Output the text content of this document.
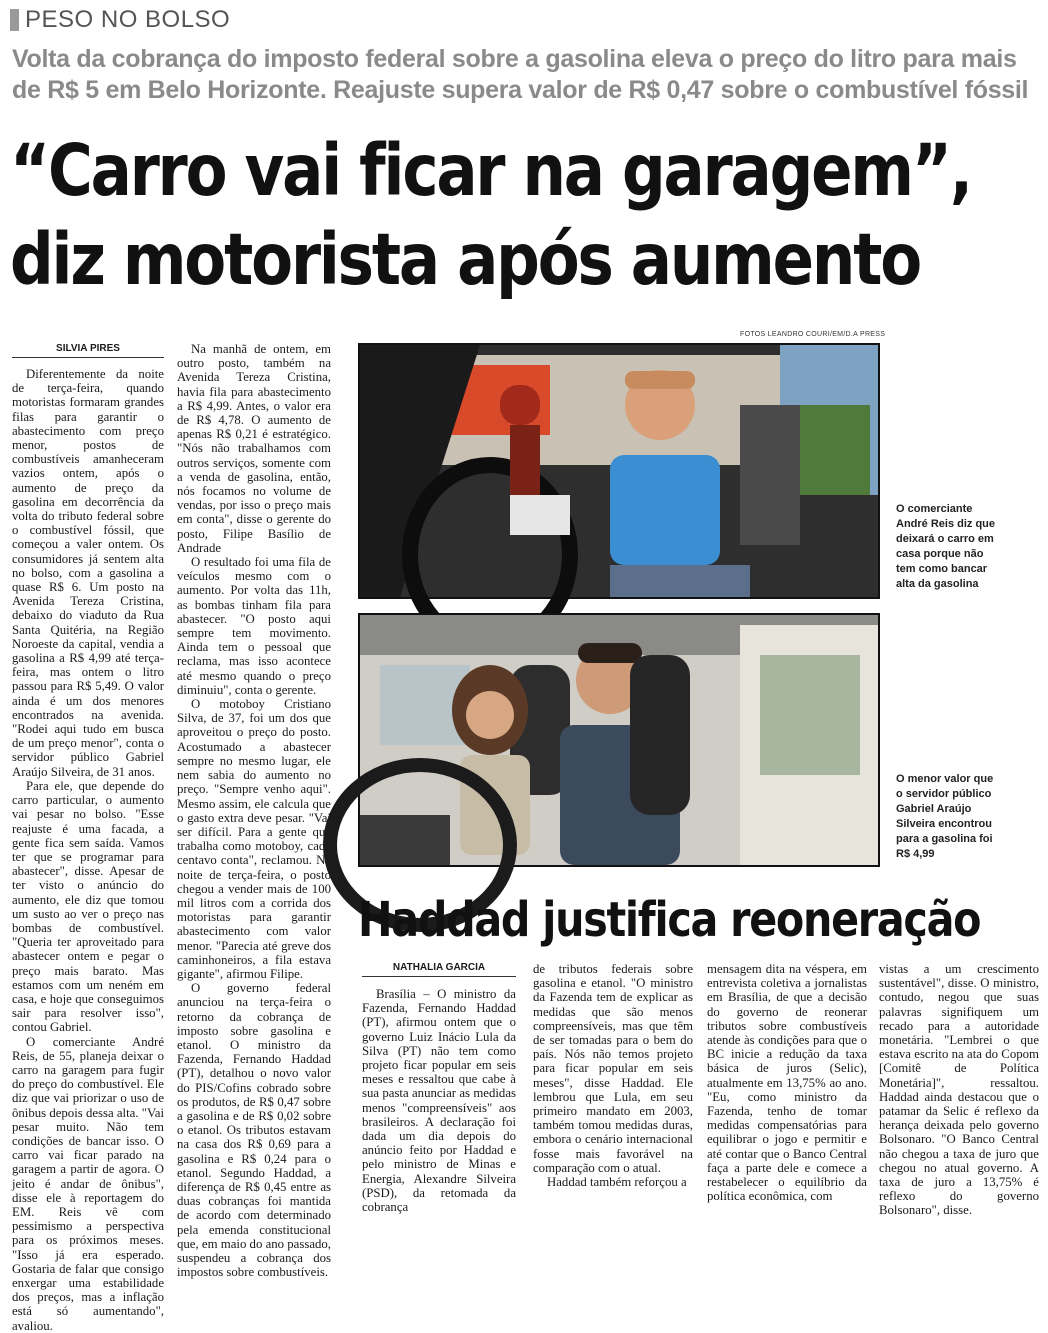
PESO NO BOLSO
Volta da cobrança do imposto federal sobre a gasolina eleva o preço do litro para mais de R$ 5 em Belo Horizonte. Reajuste supera valor de R$ 0,47 sobre o combustível fóssil
“Carro vai ficar na garagem”,
diz motorista após aumento
SILVIA PIRES

Diferentemente da noite de terça-feira, quando motoristas formaram grandes filas para garantir o abastecimento com preço menor, postos de combustíveis amanheceram vazios ontem, após o aumento de preço da gasolina em decorrência da volta do tributo federal sobre o combustível fóssil, que começou a valer ontem. Os consumidores já sentem alta no bolso, com a gasolina a quase R$ 6. Um posto na Avenida Tereza Cristina, debaixo do viaduto da Rua Santa Quitéria, na Região Noroeste da capital, vendia a gasolina a R$ 4,99 até terça-feira, mas ontem o litro passou para R$ 5,49. O valor ainda é um dos menores encontrados na avenida. "Rodei aqui tudo em busca de um preço menor", conta o servidor público Gabriel Araújo Silveira, de 31 anos.

Para ele, que depende do carro particular, o aumento vai pesar no bolso. "Esse reajuste é uma facada, a gente fica sem saída. Vamos ter que se programar para abastecer", disse. Apesar de ter visto o anúncio do aumento, ele diz que tomou um susto ao ver o preço nas bombas de combustível. "Queria ter aproveitado para abastecer ontem e pegar o preço mais barato. Mas estamos com um neném em casa, e hoje que conseguimos sair para resolver isso", contou Gabriel.

O comerciante André Reis, de 55, planeja deixar o carro na garagem para fugir do preço do combustível. Ele diz que vai priorizar o uso de ônibus depois dessa alta. "Vai pesar muito. Não tem condições de bancar isso. O carro vai ficar parado na garagem a partir de agora. O jeito é andar de ônibus", disse ele à reportagem do EM. Reis vê com pessimismo a perspectiva para os próximos meses. "Isso já era esperado. Gostaria de falar que consigo enxergar uma estabilidade dos preços, mas a inflação está só aumentando", avaliou.

Na manhã de ontem, em outro posto, também na Avenida Tereza Cristina, havia fila para abastecimento a R$ 4,99. Antes, o valor era de R$ 4,78. O aumento de apenas R$ 0,21 é estratégico. "Nós não trabalhamos com outros serviços, somente com a venda de gasolina, então, nós focamos no volume de vendas, por isso o preço mais em conta", disse o gerente do posto, Filipe Basílio de Andrade

O resultado foi uma fila de veículos mesmo com o aumento. Por volta das 11h, as bombas tinham fila para abastecer. "O posto aqui sempre tem movimento. Ainda tem o pessoal que reclama, mas isso acontece até mesmo quando o preço diminuiu", conta o gerente.

O motoboy Cristiano Silva, de 37, foi um dos que aproveitou o preço do posto. Acostumado a abastecer sempre no mesmo lugar, ele nem sabia do aumento no preço. "Sempre venho aqui". Mesmo assim, ele calcula que o gasto extra deve pesar. "Vai ser difícil. Para a gente que trabalha como motoboy, cada centavo conta", reclamou. Na noite de terça-feira, o posto chegou a vender mais de 100 mil litros com a corrida dos motoristas para garantir abastecimento com valor menor. "Parecia até greve dos caminhoneiros, a fila estava gigante", afirmou Filipe.

O governo federal anunciou na terça-feira o retorno da cobrança de imposto sobre gasolina e etanol. O ministro da Fazenda, Fernando Haddad (PT), detalhou o novo valor do PIS/Cofins cobrado sobre os produtos, de R$ 0,47 sobre a gasolina e de R$ 0,02 sobre o etanol. Os tributos estavam na casa dos R$ 0,69 para a gasolina e R$ 0,24 para o etanol. Segundo Haddad, a diferença de R$ 0,45 entre as duas cobranças foi mantida de acordo com determinado pela emenda constitucional que, em maio do ano passado, suspendeu a cobrança dos impostos sobre combustíveis.

FOTOS LEANDRO COURI/EM/D.A PRESS
O comerciante André Reis diz que deixará o carro em casa porque não tem como bancar alta da gasolina
O menor valor que o servidor público Gabriel Araújo Silveira encontrou para a gasolina foi R$ 4,99
Haddad justifica reoneração
NATHALIA GARCIA

Brasília – O ministro da Fazenda, Fernando Haddad (PT), afirmou ontem que o governo Luiz Inácio Lula da Silva (PT) não tem como projeto ficar popular em seis meses e ressaltou que cabe à sua pasta anunciar as medidas menos "compreensíveis" aos brasileiros. A declaração foi dada um dia depois do anúncio feito por Haddad e pelo ministro de Minas e Energia, Alexandre Silveira (PSD), da retomada da cobrança

de tributos federais sobre gasolina e etanol. "O ministro da Fazenda tem de explicar as medidas que são menos compreensíveis, mas que têm de ser tomadas para o bem do país. Nós não temos projeto para ficar popular em seis meses", disse Haddad. Ele lembrou que Lula, em seu primeiro mandato em 2003, também tomou medidas duras, embora o cenário internacional fosse mais favorável na comparação com o atual.

Haddad também reforçou a

mensagem dita na véspera, em entrevista coletiva a jornalistas em Brasília, de que a decisão do governo de reonerar tributos sobre combustíveis atende às condições para que o BC inicie a redução da taxa básica de juros (Selic), atualmente em 13,75% ao ano. "Eu, como ministro da Fazenda, tenho de tomar medidas compensatórias para equilibrar o jogo e permitir e até contar que o Banco Central faça a parte dele e comece a restabelecer o equilíbrio da política econômica, com

vistas a um crescimento sustentável", disse. O ministro, contudo, negou que suas palavras signifiquem um recado para a autoridade monetária. "Lembrei o que estava escrito na ata do Copom [Comitê de Política Monetária]", ressaltou. Haddad ainda destacou que o patamar da Selic é reflexo da herança deixada pelo governo Bolsonaro. "O Banco Central não chegou a taxa de juro que chegou no atual governo. A taxa de juro a 13,75% é reflexo do governo Bolsonaro", disse.
